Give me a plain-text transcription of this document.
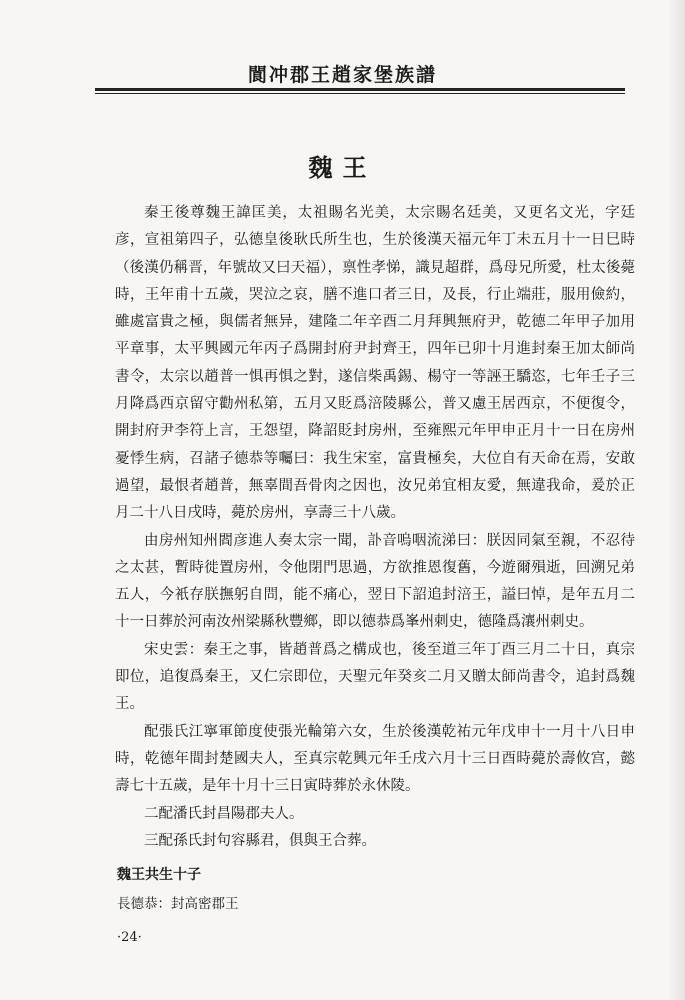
閬冲郡王趙家堡族譜
魏王

秦王後尊魏王諱匡美，太祖賜名光美，太宗賜名廷美，又更名文光，字廷彦，宣祖第四子，弘德皇後耿氏所生也，生於後漢天福元年丁未五月十一日巳時（後漢仍稱晋，年號故又曰天福），禀性孝悌，識見超群，爲母兄所愛，杜太後薨時，王年甫十五歲，哭泣之哀，膳不進口者三日，及長，行止端莊，服用儉約，雖處富貴之極，與儒者無异，建隆二年辛酉二月拜興無府尹，乾德二年甲子加用平章事，太平興國元年丙子爲開封府尹封齊王，四年已卯十月進封秦王加太師尚書令，太宗以趙普一惧再惧之對，遂信柴禹錫、楊守一等誣王驕恣，七年壬子三月降爲西京留守勸州私第，五月又貶爲涪陵縣公，普又慮王居西京，不便復令，開封府尹李符上言，王怨望，降詔貶封房州，至雍熙元年甲申正月十一日在房州憂悸生病，召諸子德恭等囑曰：我生宋室，富貴極矣，大位自有天命在焉，安敢過望，最恨者趙普，無辜間吾骨肉之因也，汝兄弟宜相友愛，無違我命，爰於正月二十八日戌時，薨於房州，享壽三十八歲。

由房州知州閻彦進人奏太宗一聞，訃音嗚咽流涕曰：朕因同氣至親，不忍待之太甚，暫時徙置房州，令他閉門思過，方欲推恩復舊，今遊爾殞逝，回溯兄弟五人，今衹存朕撫躬自問，能不痛心，翌日下詔追封涪王，謚曰悼，是年五月二十一日葬於河南汝州梁縣秋豐鄉，即以德恭爲峯州刺史，德隆爲瀼州刺史。

宋史雲：秦王之事，皆趙普爲之構成也，後至道三年丁酉三月二十日，真宗即位，追復爲秦王，又仁宗即位，天聖元年癸亥二月又贈太師尚書令，追封爲魏王。

配張氏江寧軍節度使張光輪第六女，生於後漢乾祐元年戊申十一月十八日申時，乾德年間封楚國夫人，至真宗乾興元年壬戌六月十三日酉時薨於壽攸宫，懿壽七十五歲，是年十月十三日寅時葬於永休陵。

二配潘氏封昌陽郡夫人。

三配孫氏封句容縣君，俱與王合葬。

魏王共生十子
長德恭：封高密郡王
·24·
